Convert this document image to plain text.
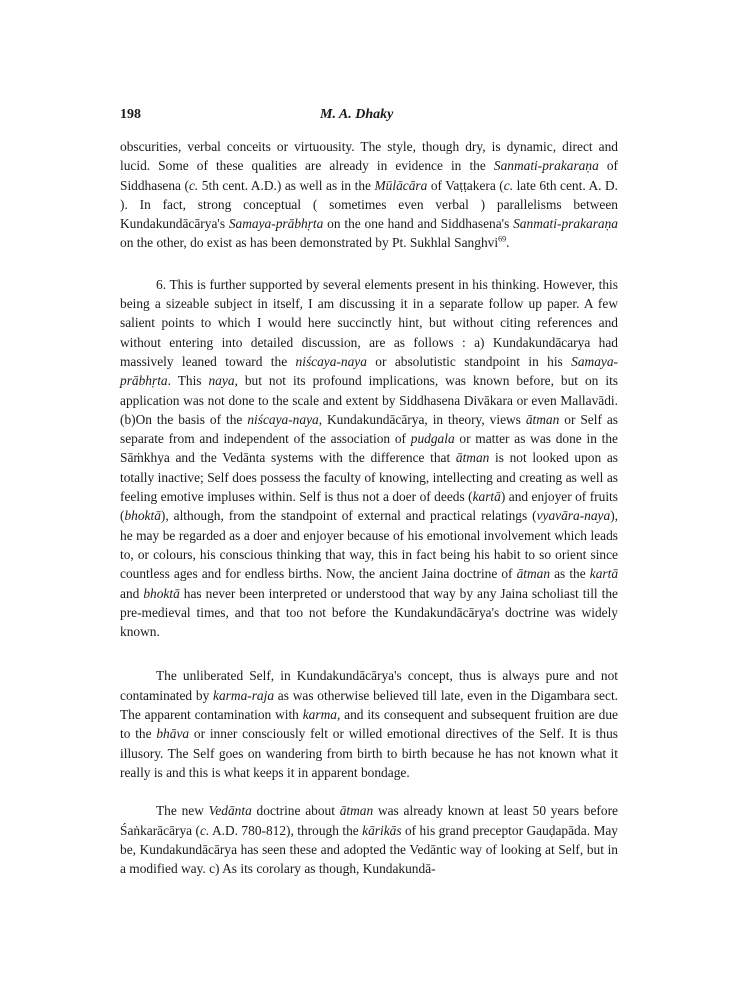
198	M. A. Dhaky

obscurities, verbal conceits or virtuousity. The style, though dry, is dynamic, direct and lucid. Some of these qualities are already in evidence in the Sanmati-prakaraṇa of Siddhasena (c. 5th cent. A.D.) as well as in the Mūlācāra of Vaṭṭakera (c. late 6th cent. A. D. ). In fact, strong conceptual ( sometimes even verbal ) parallelisms between Kundakundācārya's Samaya-prābhṛta on the one hand and Siddhasena's Sanmati-prakaraṇa on the other, do exist as has been demonstrated by Pt. Sukhlal Sanghvi$^{69}$.

6. This is further supported by several elements present in his thinking. However, this being a sizeable subject in itself, I am discussing it in a separate follow up paper. A few salient points to which I would here succinctly hint, but without citing references and without entering into detailed discussion, are as follows : a) Kundakundācarya had massively leaned toward the niścaya-naya or absolutistic standpoint in his Samaya-prābhṛta. This naya, but not its profound implications, was known before, but on its application was not done to the scale and extent by Siddhasena Divākara or even Mallavādi. (b)On the basis of the niścaya-naya, Kundakundācārya, in theory, views ātman or Self as separate from and independent of the association of pudgala or matter as was done in the Sāṁkhya and the Vedānta systems with the difference that ātman is not looked upon as totally inactive; Self does possess the faculty of knowing, intellecting and creating as well as feeling emotive impluses within. Self is thus not a doer of deeds (kartā) and enjoyer of fruits (bhoktā), although, from the standpoint of external and practical relatings (vyavāra-naya), he may be regarded as a doer and enjoyer because of his emotional involvement which leads to, or colours, his conscious thinking that way, this in fact being his habit to so orient since countless ages and for endless births. Now, the ancient Jaina doctrine of ātman as the kartā and bhoktā has never been interpreted or understood that way by any Jaina scholiast till the pre-medieval times, and that too not before the Kundakundācārya's doctrine was widely known.

The unliberated Self, in Kundakundācārya's concept, thus is always pure and not contaminated by karma-raja as was otherwise believed till late, even in the Digambara sect. The apparent contamination with karma, and its consequent and subsequent fruition are due to the bhāva or inner consciously felt or willed emotional directives of the Self. It is thus illusory. The Self goes on wandering from birth to birth because he has not known what it really is and this is what keeps it in apparent bondage.

The new Vedānta doctrine about ātman was already known at least 50 years before Śaṅkarācārya (c. A.D. 780-812), through the kārikās of his grand preceptor Gauḍapāda. May be, Kundakundācārya has seen these and adopted the Vedāntic way of looking at Self, but in a modified way. c) As its corolary as though, Kundakundā-
